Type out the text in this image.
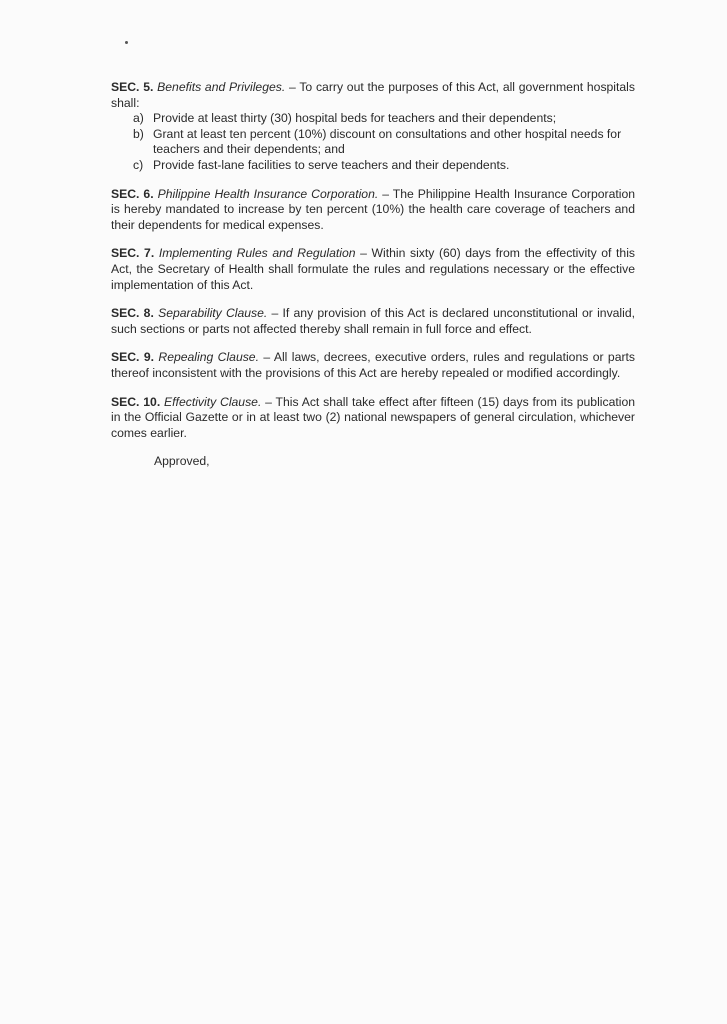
SEC. 5. Benefits and Privileges. – To carry out the purposes of this Act, all government hospitals shall:
a) Provide at least thirty (30) hospital beds for teachers and their dependents;
b) Grant at least ten percent (10%) discount on consultations and other hospital needs for teachers and their dependents; and
c) Provide fast-lane facilities to serve teachers and their dependents.
SEC. 6. Philippine Health Insurance Corporation. – The Philippine Health Insurance Corporation is hereby mandated to increase by ten percent (10%) the health care coverage of teachers and their dependents for medical expenses.
SEC. 7. Implementing Rules and Regulation – Within sixty (60) days from the effectivity of this Act, the Secretary of Health shall formulate the rules and regulations necessary or the effective implementation of this Act.
SEC. 8. Separability Clause. – If any provision of this Act is declared unconstitutional or invalid, such sections or parts not affected thereby shall remain in full force and effect.
SEC. 9. Repealing Clause. – All laws, decrees, executive orders, rules and regulations or parts thereof inconsistent with the provisions of this Act are hereby repealed or modified accordingly.
SEC. 10. Effectivity Clause. – This Act shall take effect after fifteen (15) days from its publication in the Official Gazette or in at least two (2) national newspapers of general circulation, whichever comes earlier.
Approved,
